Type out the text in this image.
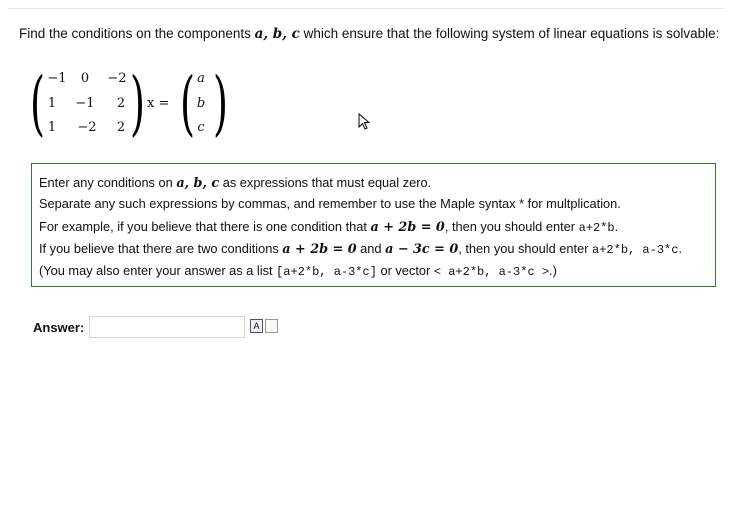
Find the conditions on the components a, b, c which ensure that the following system of linear equations is solvable:
( −1	0	−2
1	−1	2
1	−2	2 ) x = ( a
b
c )
Enter any conditions on a, b, c as expressions that must equal zero.
Separate any such expressions by commas, and remember to use the Maple syntax * for multplication.
For example, if you believe that there is one condition that a + 2b = 0, then you should enter a+2*b.
If you believe that there are two conditions a + 2b = 0 and a − 3c = 0, then you should enter a+2*b, a-3*c.
(You may also enter your answer as a list [a+2*b, a-3*c] or vector < a+2*b, a-3*c >.)
Answer:	A
